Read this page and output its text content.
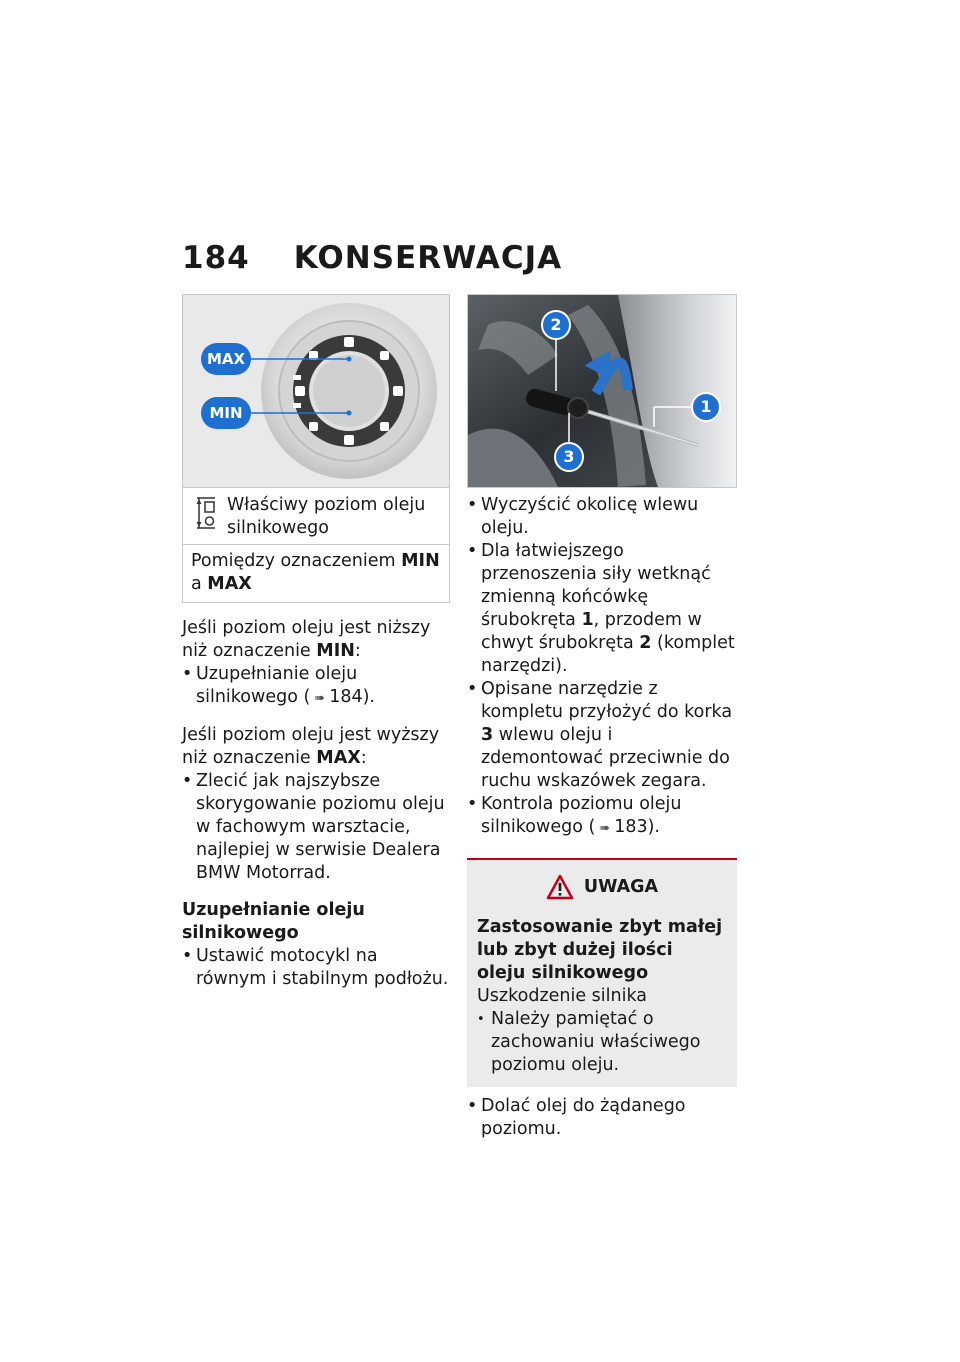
184 KONSERWACJA
MAX
MIN
Właściwy poziom oleju silnikowego
Pomiędzy oznaczeniem MIN a MAX

Jeśli poziom oleju jest niższy niż oznaczenie MIN:

• Uzupełnianie oleju silnikowego ( ➠ 184).

Jeśli poziom oleju jest wyższy niż oznaczenie MAX:

• Zlecić jak najszybsze skorygowanie poziomu oleju w fachowym warsztacie, najlepiej w serwisie Dealera BMW Motorrad.
Uzupełnianie oleju silnikowego
• Ustawić motocykl na równym i stabilnym podłożu.
2
3
1
• Wyczyścić okolicę wlewu oleju.
• Dla łatwiejszego przenoszenia siły wetknąć zmienną końcówkę śrubokręta 1, przodem w chwyt śrubokręta 2 (komplet narzędzi).
• Opisane narzędzie z kompletu przyłożyć do korka 3 wlewu oleju i zdemontować przeciwnie do ruchu wskazówek zegara.
• Kontrola poziomu oleju silnikowego ( ➠ 183).
UWAGA
Zastosowanie zbyt małej lub zbyt dużej ilości oleju silnikowego
Uszkodzenie silnika
• Należy pamiętać o zachowaniu właściwego poziomu oleju.
• Dolać olej do żądanego poziomu.
